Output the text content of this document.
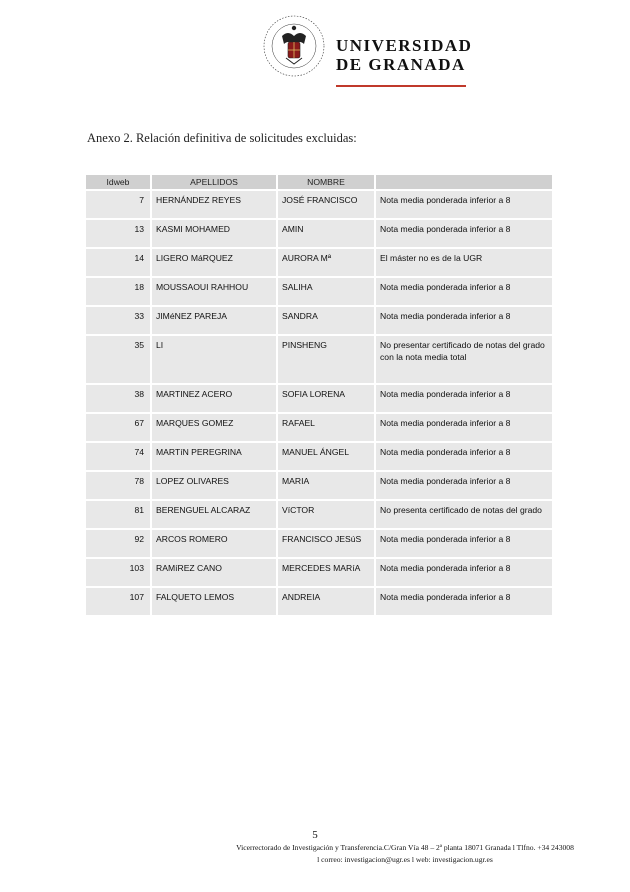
UNIVERSIDAD
DE GRANADA
Anexo 2. Relación definitiva de solicitudes excluidas:
Idweb	APELLIDOS	NOMBRE	
7	HERNÁNDEZ REYES	JOSÉ FRANCISCO	Nota media ponderada inferior a 8
13	KASMI MOHAMED	AMIN	Nota media ponderada inferior a 8
14	LIGERO MáRQUEZ	AURORA Mª	El máster no es de la UGR
18	MOUSSAOUI RAHHOU	SALIHA	Nota media ponderada inferior a 8
33	JIMéNEZ PAREJA	SANDRA	Nota media ponderada inferior a 8
35	LI	PINSHENG	No presentar certificado de notas del grado con la nota media total
38	MARTINEZ ACERO	SOFIA LORENA	Nota media ponderada inferior a 8
67	MARQUES GOMEZ	RAFAEL	Nota media ponderada inferior a 8
74	MARTíN PEREGRINA	MANUEL ÁNGEL	Nota media ponderada inferior a 8
78	LOPEZ OLIVARES	MARIA	Nota media ponderada inferior a 8
81	BERENGUEL ALCARAZ	VíCTOR	No presenta certificado de notas del grado
92	ARCOS ROMERO	FRANCISCO JESúS	Nota media ponderada inferior a 8
103	RAMíREZ CANO	MERCEDES MARíA	Nota media ponderada inferior a 8
107	FALQUETO LEMOS	ANDREIA	Nota media ponderada inferior a 8
5
Vicerrectorado de Investigación y Transferencia.C/Gran Vía 48 – 2ª planta 18071 Granada l Tlfno. +34 243008
l correo: investigacion@ugr.es l web: investigacion.ugr.es
